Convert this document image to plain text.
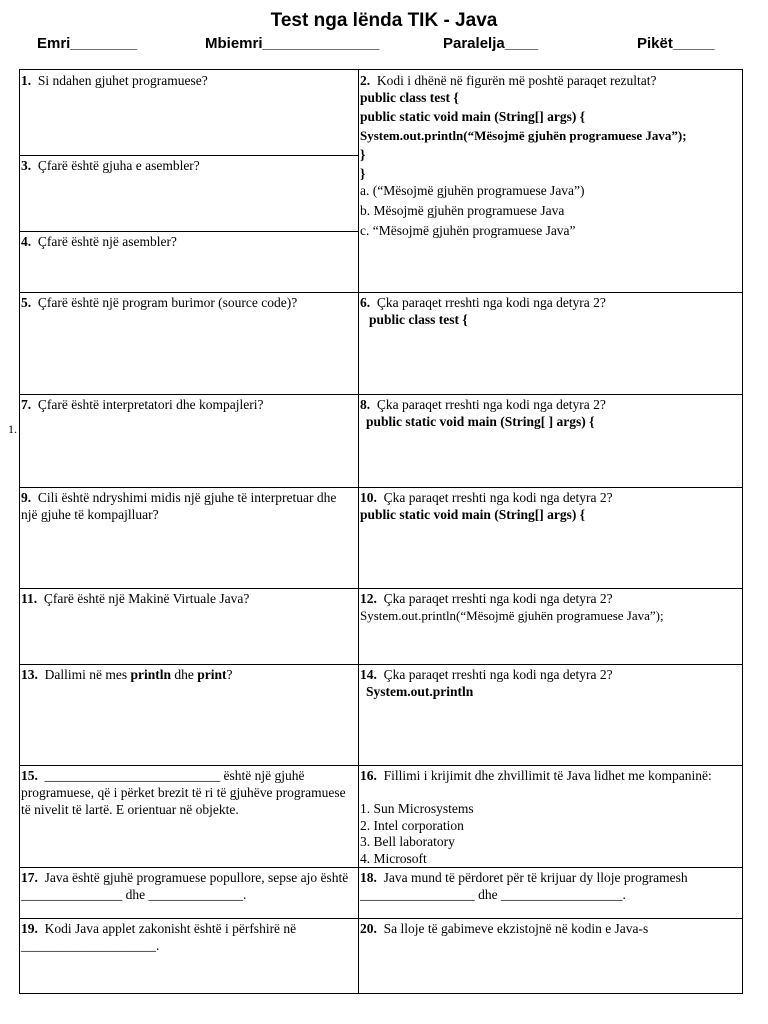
Test nga lënda TIK - Java
Emri________	Mbiemri______________	Paralelja____	Pikët_____
1.
1. Si ndahen gjuhet programuese?
3. Çfarë është gjuha e asembler?
4. Çfarë është një asembler?
2. Kodi i dhënë në figurën më poshtë paraqet rezultat?
public class test {
public static void main (String[] args) {
System.out.println(“Mësojmë gjuhën programuese Java”);
}
}
a. (“Mësojmë gjuhën programuese Java”)
b. Mësojmë gjuhën programuese Java
c. “Mësojmë gjuhën programuese Java”
5. Çfarë është një program burimor (source code)?	6. Çka paraqet rreshti nga kodi nga detyra 2?
public class test {
7. Çfarë është interpretatori dhe kompajleri?	8. Çka paraqet rreshti nga kodi nga detyra 2?
public static void main (String[ ] args) {
9. Cili është ndryshimi midis një gjuhe të interpretuar dhe një gjuhe të kompajlluar?
10. Çka paraqet rreshti nga kodi nga detyra 2?
public static void main (String[] args) {
11. Çfarë është një Makinë Virtuale Java?	12. Çka paraqet rreshti nga kodi nga detyra 2?
System.out.println(“Mësojmë gjuhën programuese Java”);
13. Dallimi në mes println dhe print?	14. Çka paraqet rreshti nga kodi nga detyra 2?
System.out.println
15. __________________________ është një gjuhë programuese, që i përket brezit të ri të gjuhëve programuese të nivelit të lartë. E orientuar në objekte.
16. Fillimi i krijimit dhe zhvillimit të Java lidhet me kompaninë:
1. Sun Microsystems
2. Intel corporation
3. Bell laboratory
4. Microsoft
17. Java është gjuhë programuese popullore, sepse ajo është _______________ dhe ______________.
18. Java mund të përdoret për të krijuar dy lloje programesh _________________ dhe __________________.
19. Kodi Java applet zakonisht është i përfshirë në ____________________.
20. Sa lloje të gabimeve ekzistojnë në kodin e Java-s
